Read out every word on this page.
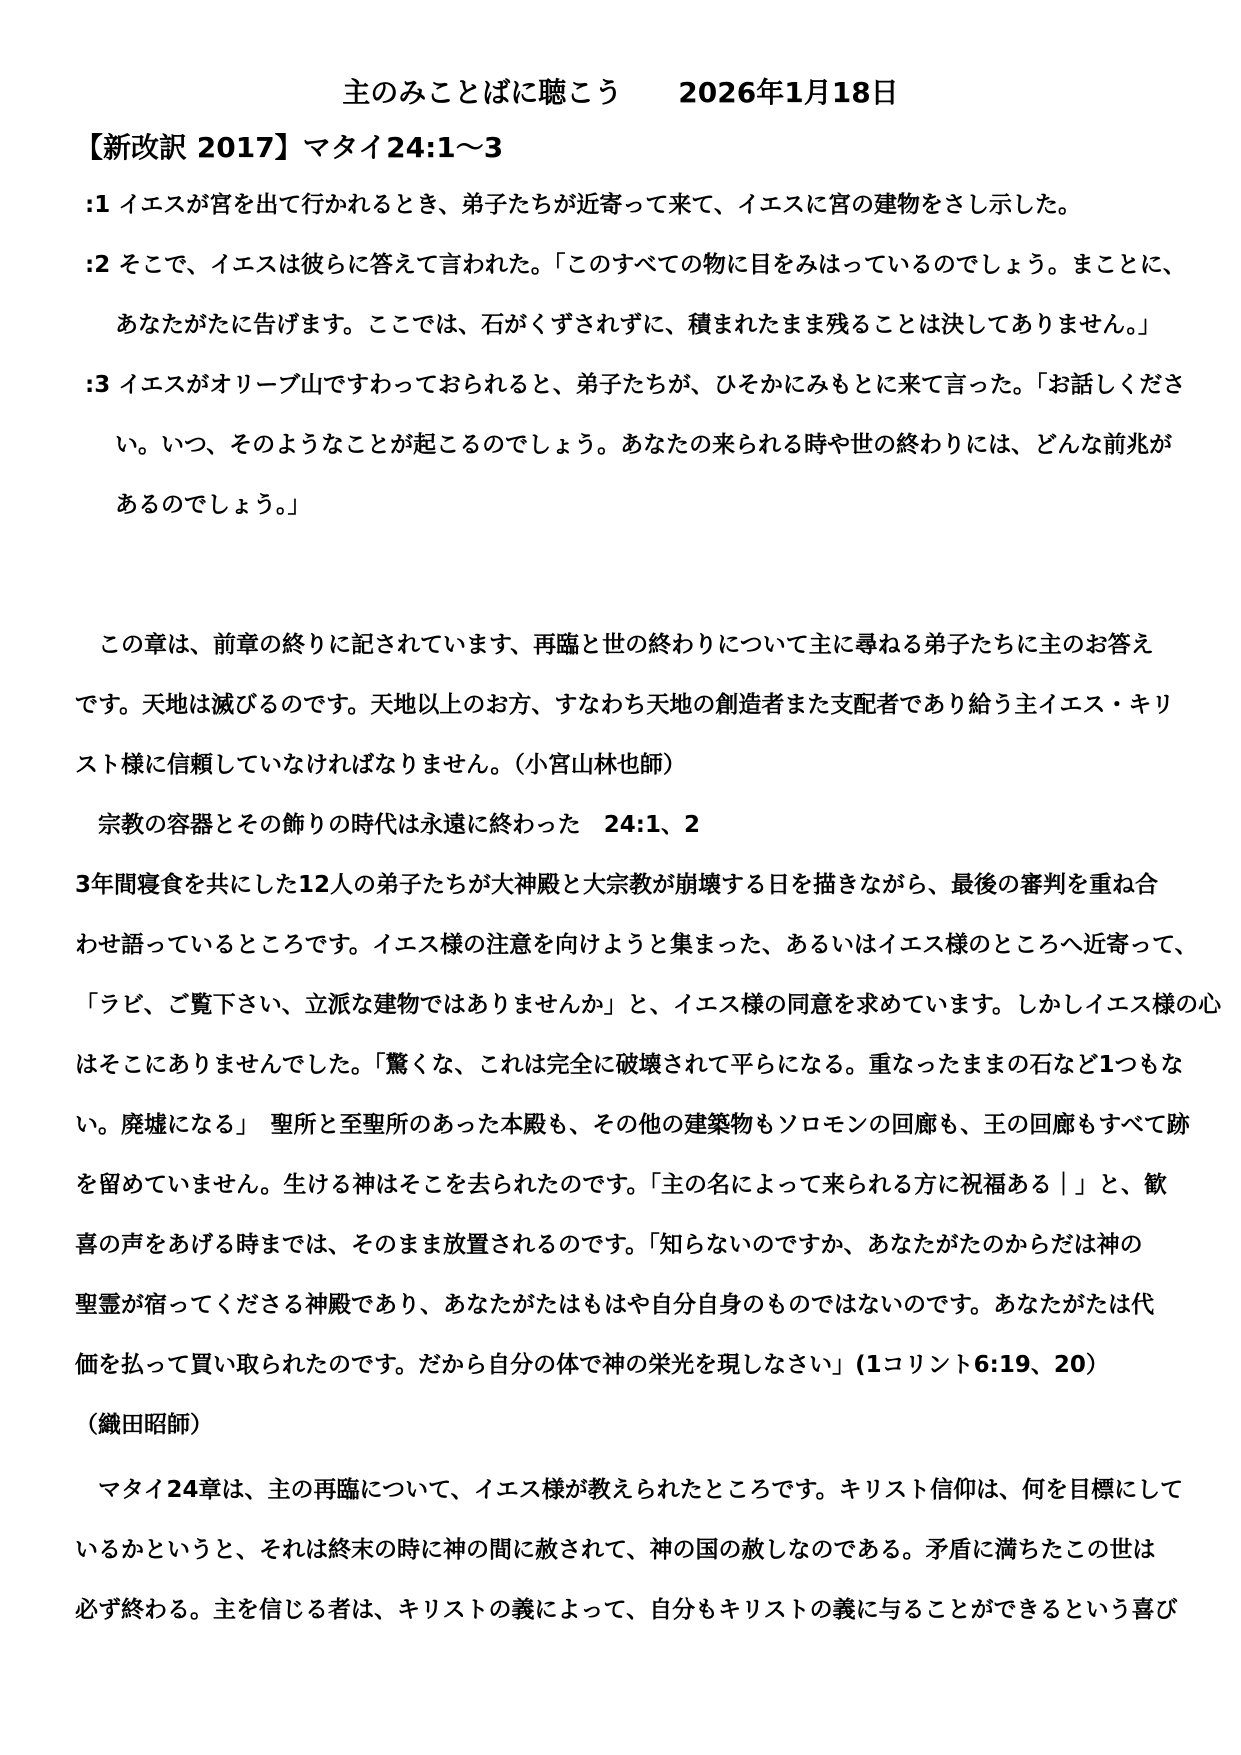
主のみことばに聴こう　　2026年1月18日
【新改訳 2017】マタイ24:1～3
:1 イエスが宮を出て行かれるとき、弟子たちが近寄って来て、イエスに宮の建物をさし示した。
:2 そこで、イエスは彼らに答えて言われた。「このすべての物に目をみはっているのでしょう。まことに、
あなたがたに告げます。ここでは、石がくずされずに、積まれたまま残ることは決してありません。」
:3 イエスがオリーブ山ですわっておられると、弟子たちが、ひそかにみもとに来て言った。「お話しくださ
い。いつ、そのようなことが起こるのでしょう。あなたの来られる時や世の終わりには、どんな前兆が
あるのでしょう。」
　この章は、前章の終りに記されています、再臨と世の終わりについて主に尋ねる弟子たちに主のお答え
です。天地は滅びるのです。天地以上のお方、すなわち天地の創造者また支配者であり給う主イエス・キリ
スト様に信頼していなければなりません。（小宮山林也師）
　宗教の容器とその飾りの時代は永遠に終わった　24:1、2
3年間寝食を共にした12人の弟子たちが大神殿と大宗教が崩壊する日を描きながら、最後の審判を重ね合
わせ語っているところです。イエス様の注意を向けようと集まった、あるいはイエス様のところへ近寄って、
「ラビ、ご覧下さい、立派な建物ではありませんか」と、イエス様の同意を求めています。しかしイエス様の心
はそこにありませんでした。「驚くな、これは完全に破壊されて平らになる。重なったままの石など1つもな
い。廃墟になる」　聖所と至聖所のあった本殿も、その他の建築物もソロモンの回廊も、王の回廊もすべて跡
を留めていません。生ける神はそこを去られたのです。「主の名によって来られる方に祝福ある｜」と、歓
喜の声をあげる時までは、そのまま放置されるのです。「知らないのですか、あなたがたのからだは神の
聖霊が宿ってくださる神殿であり、あなたがたはもはや自分自身のものではないのです。あなたがたは代
価を払って買い取られたのです。だから自分の体で神の栄光を現しなさい」(1コリント6:19、20）
（織田昭師）
　マタイ24章は、主の再臨について、イエス様が教えられたところです。キリスト信仰は、何を目標にして
いるかというと、それは終末の時に神の間に赦されて、神の国の赦しなのである。矛盾に満ちたこの世は
必ず終わる。主を信じる者は、キリストの義によって、自分もキリストの義に与ることができるという喜び
